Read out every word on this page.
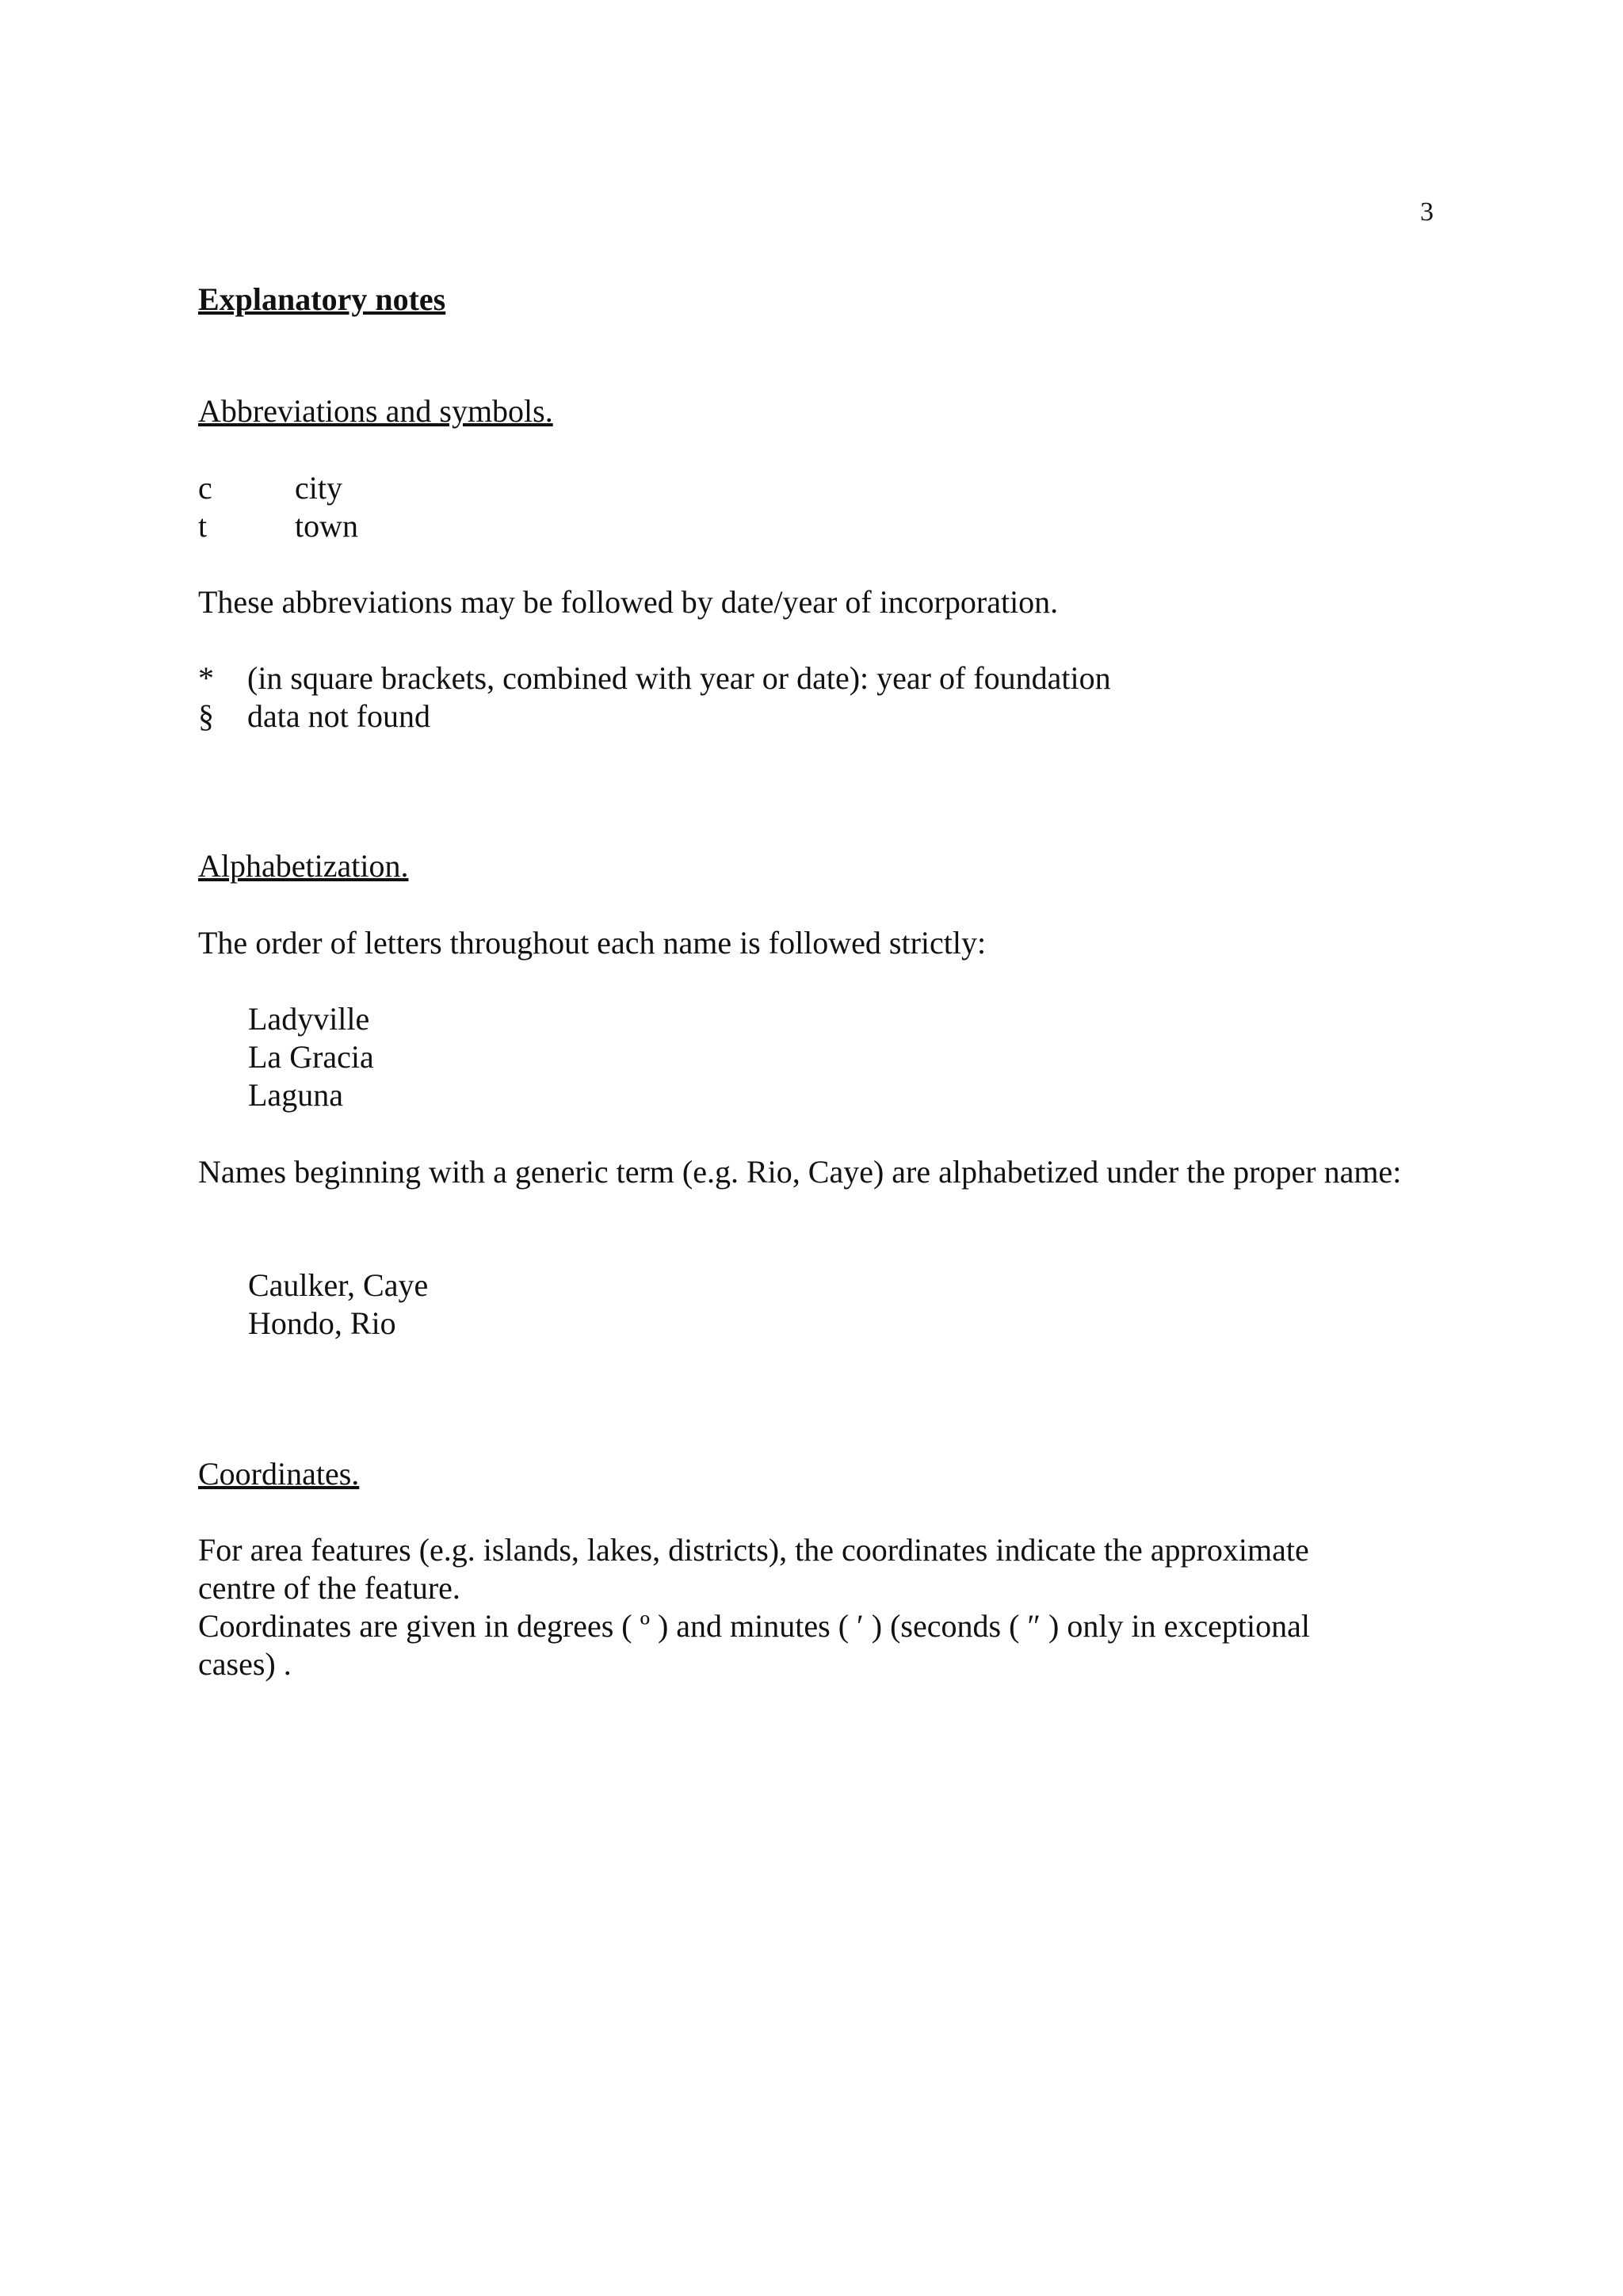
3
Explanatory notes
Abbreviations and symbols.
c	city
t	town
These abbreviations may be followed by date/year of incorporation.
* (in square brackets, combined with year or date): year of foundation
§ data not found
Alphabetization.
The order of letters throughout each name is followed strictly:
Ladyville
La Gracia
Laguna
Names beginning with a generic term (e.g. Rio, Caye) are alphabetized under the proper name:
Caulker, Caye
Hondo, Rio
Coordinates.
For area features (e.g. islands, lakes, districts), the coordinates indicate the approximate centre of the feature.
Coordinates are given in degrees ( º ) and minutes ( ′ ) (seconds ( ″ ) only in exceptional cases) .
